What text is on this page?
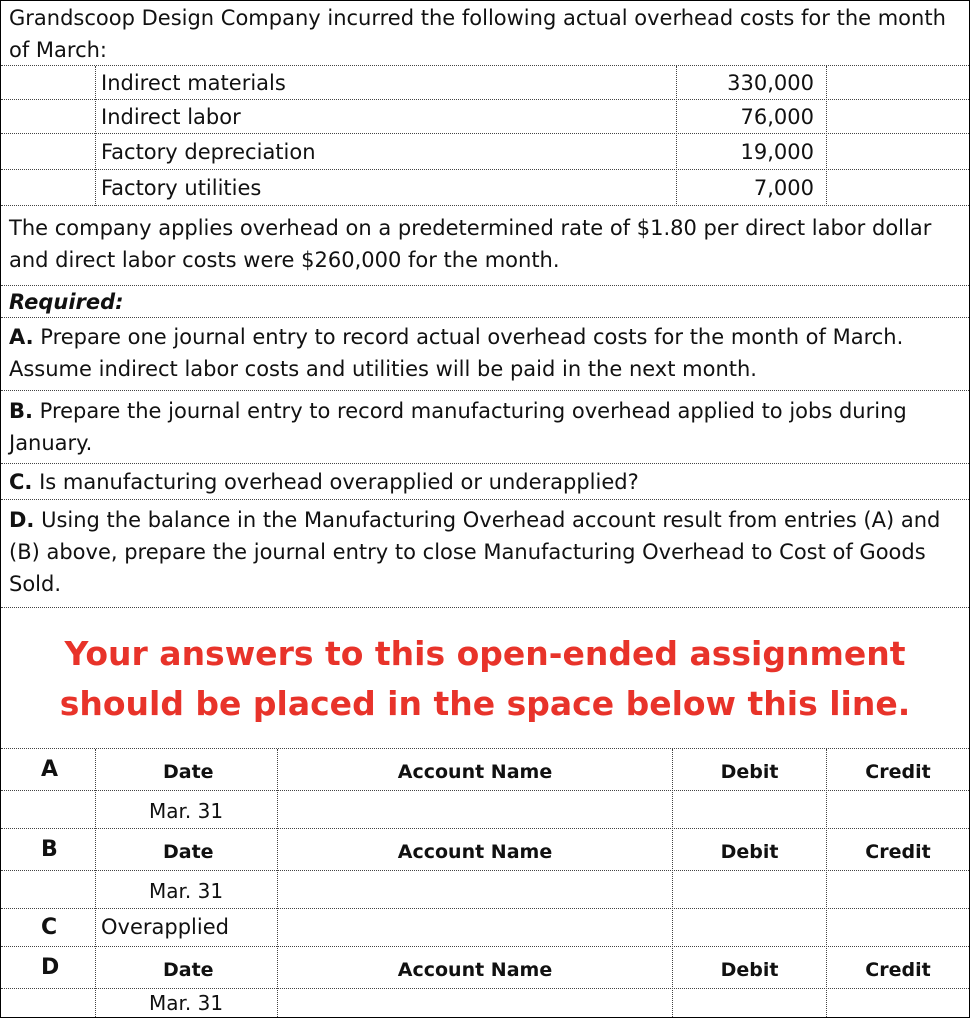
Grandscoop Design Company incurred the following actual overhead costs for the month of March:
Indirect materials	330,000
Indirect labor	76,000
Factory depreciation	19,000
Factory utilities	7,000
The company applies overhead on a predetermined rate of $1.80 per direct labor dollar and direct labor costs were $260,000 for the month.
Required:
A. Prepare one journal entry to record actual overhead costs for the month of March. Assume indirect labor costs and utilities will be paid in the next month.
B. Prepare the journal entry to record manufacturing overhead applied to jobs during January.
C. Is manufacturing overhead overapplied or underapplied?
D. Using the balance in the Manufacturing Overhead account result from entries (A) and (B) above, prepare the journal entry to close Manufacturing Overhead to Cost of Goods Sold.
Your answers to this open-ended assignment should be placed in the space below this line.
A	Date	Account Name	Debit	Credit
Mar. 31
B	Date	Account Name	Debit	Credit
Mar. 31
C Overapplied
D	Date	Account Name	Debit	Credit
Mar. 31
